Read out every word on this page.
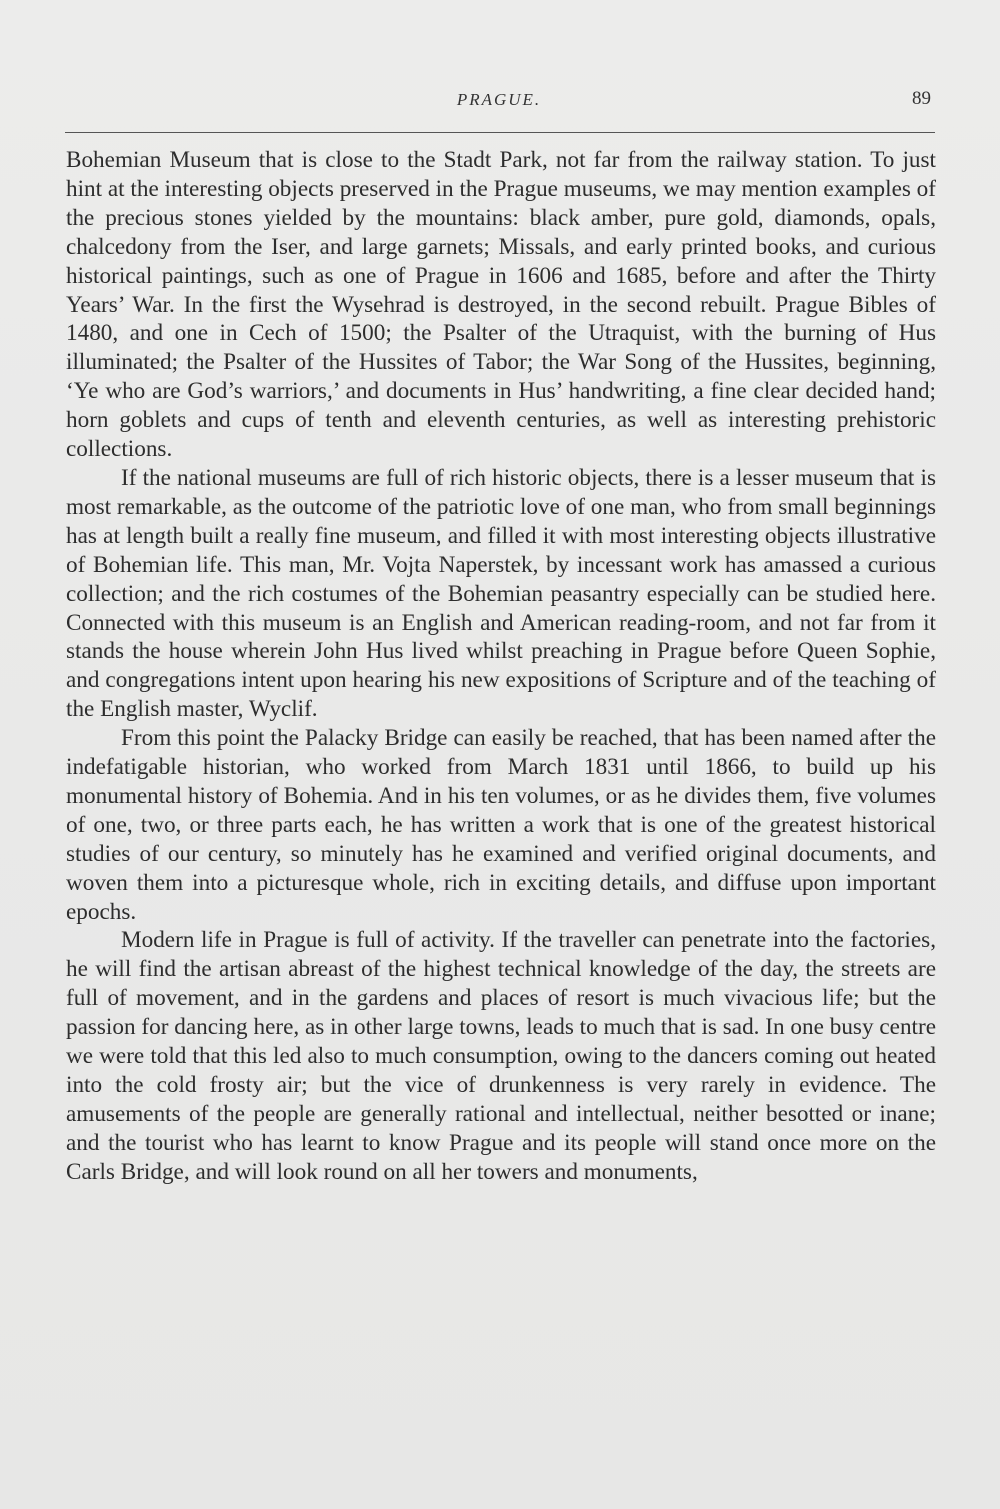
PRAGUE.	89

Bohemian Museum that is close to the Stadt Park, not far from the railway station. To just hint at the interesting objects preserved in the Prague museums, we may mention examples of the precious stones yielded by the mountains: black amber, pure gold, diamonds, opals, chalcedony from the Iser, and large garnets; Missals, and early printed books, and curious historical paintings, such as one of Prague in 1606 and 1685, before and after the Thirty Years’ War. In the first the Wysehrad is destroyed, in the second rebuilt. Prague Bibles of 1480, and one in Cech of 1500; the Psalter of the Utraquist, with the burning of Hus illuminated; the Psalter of the Hussites of Tabor; the War Song of the Hussites, beginning, ‘Ye who are God’s warriors,’ and documents in Hus’ handwriting, a fine clear decided hand; horn goblets and cups of tenth and eleventh centuries, as well as interesting prehistoric collections.

If the national museums are full of rich historic objects, there is a lesser museum that is most remarkable, as the outcome of the patriotic love of one man, who from small beginnings has at length built a really fine museum, and filled it with most interesting objects illustrative of Bohemian life. This man, Mr. Vojta Naperstek, by incessant work has amassed a curious collection; and the rich costumes of the Bohemian peasantry especially can be studied here. Connected with this museum is an English and American reading-room, and not far from it stands the house wherein John Hus lived whilst preaching in Prague before Queen Sophie, and congregations intent upon hearing his new expositions of Scripture and of the teaching of the English master, Wyclif.

From this point the Palacky Bridge can easily be reached, that has been named after the indefatigable historian, who worked from March 1831 until 1866, to build up his monumental history of Bohemia. And in his ten volumes, or as he divides them, five volumes of one, two, or three parts each, he has written a work that is one of the greatest historical studies of our century, so minutely has he examined and verified original documents, and woven them into a picturesque whole, rich in exciting details, and diffuse upon important epochs.

Modern life in Prague is full of activity. If the traveller can penetrate into the factories, he will find the artisan abreast of the highest technical knowledge of the day, the streets are full of movement, and in the gardens and places of resort is much vivacious life; but the passion for dancing here, as in other large towns, leads to much that is sad. In one busy centre we were told that this led also to much consumption, owing to the dancers coming out heated into the cold frosty air; but the vice of drunkenness is very rarely in evidence. The amusements of the people are generally rational and intellectual, neither besotted or inane; and the tourist who has learnt to know Prague and its people will stand once more on the Carls Bridge, and will look round on all her towers and monuments,
